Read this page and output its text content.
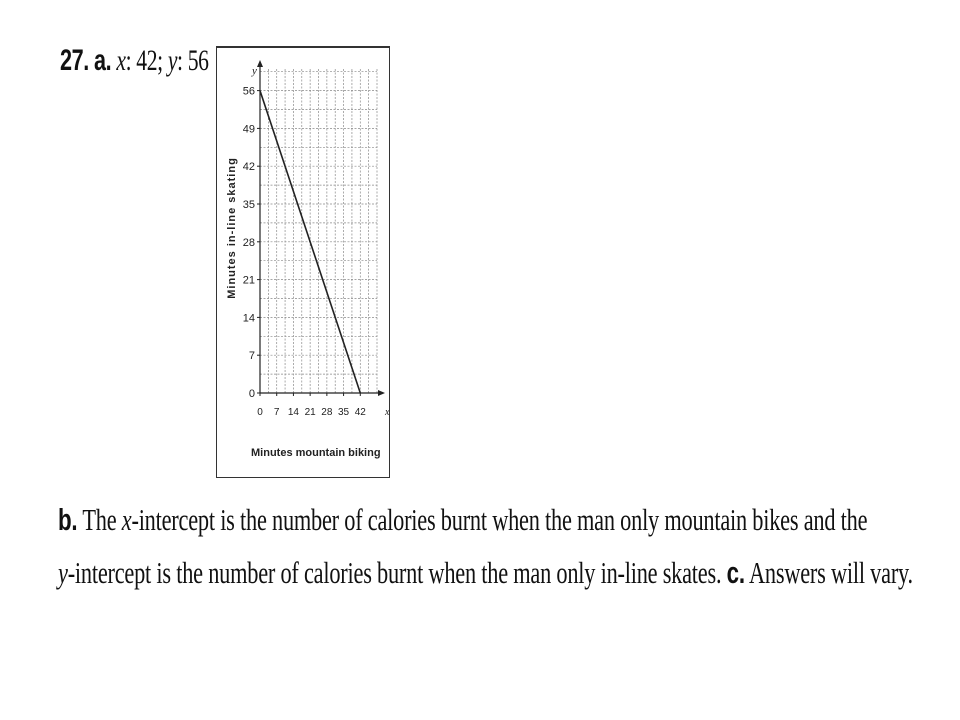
27. a. x: 42; y: 56	y
x
0
7
14
21
28
35
42
49
56
0 7 14 21 28 35 42
Minutes mountain biking
Minutes in-line skating
b. The x-intercept is the number of calories burnt when the man only mountain bikes and the
y-intercept is the number of calories burnt when the man only in-line skates. c. Answers will vary.
